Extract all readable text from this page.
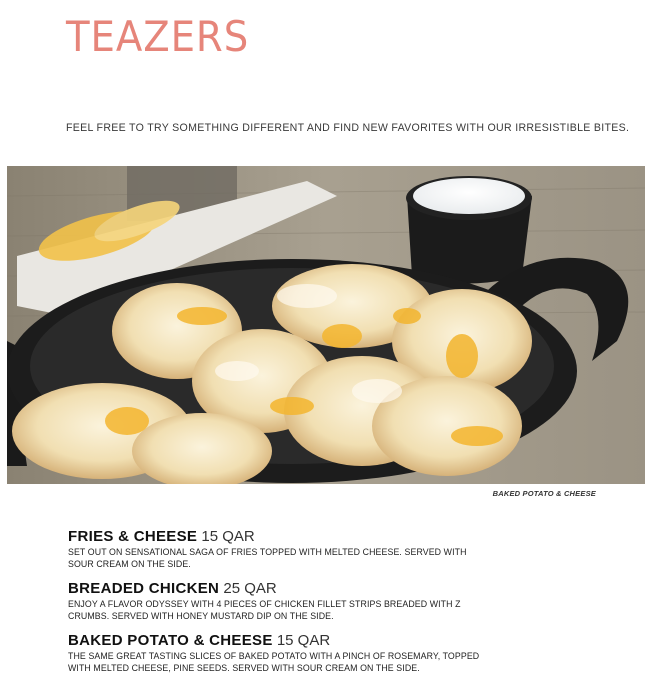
TEAZERS

FEEL FREE TO TRY SOMETHING DIFFERENT AND FIND NEW FAVORITES WITH OUR IRRESISTIBLE BITES.

BAKED POTATO & CHEESE

FRIES & CHEESE 15 QAR

SET OUT ON SENSATIONAL SAGA OF FRIES TOPPED WITH MELTED CHEESE. SERVED WITH SOUR CREAM ON THE SIDE.

BREADED CHICKEN 25 QAR

ENJOY A FLAVOR ODYSSEY WITH 4 PIECES OF CHICKEN FILLET STRIPS BREADED WITH Z CRUMBS. SERVED WITH HONEY MUSTARD DIP ON THE SIDE.

BAKED POTATO & CHEESE 15 QAR

THE SAME GREAT TASTING SLICES OF BAKED POTATO WITH A PINCH OF ROSEMARY, TOPPED WITH MELTED CHEESE, PINE SEEDS. SERVED WITH SOUR CREAM ON THE SIDE.
